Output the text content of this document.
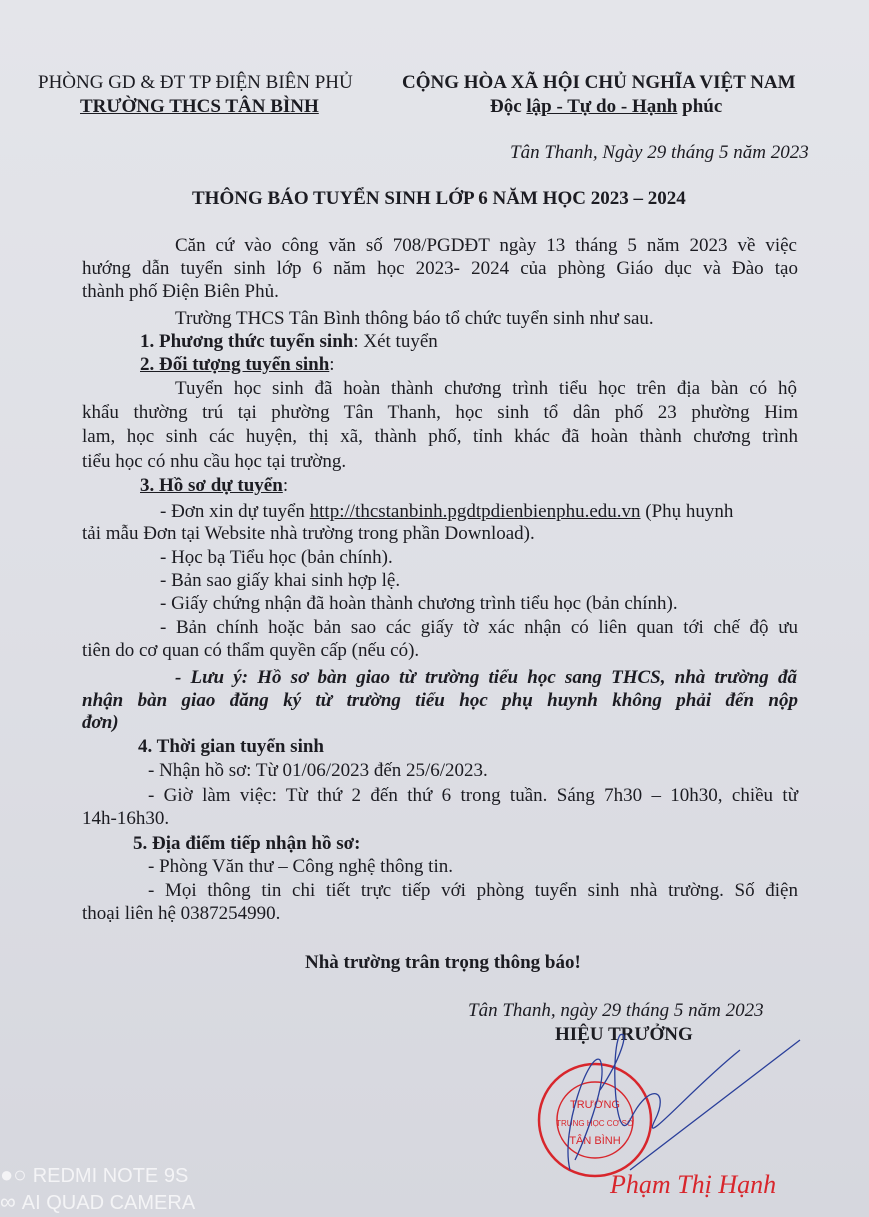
PHÒNG GD & ĐT TP ĐIỆN BIÊN PHỦ
TRƯỜNG THCS TÂN BÌNH
CỘNG HÒA XÃ HỘI CHỦ NGHĨA VIỆT NAM
Độc lập - Tự do - Hạnh phúc
Tân Thanh, Ngày 29 tháng 5 năm 2023
THÔNG BÁO TUYỂN SINH LỚP 6 NĂM HỌC 2023 – 2024
Căn cứ vào công văn số 708/PGDĐT ngày 13 tháng 5 năm 2023 về việc
hướng dẫn tuyển sinh lớp 6 năm học 2023- 2024 của phòng Giáo dục và Đào tạo
thành phố Điện Biên Phủ.
Trường THCS Tân Bình thông báo tổ chức tuyển sinh như sau.
1. Phương thức tuyển sinh: Xét tuyển
2. Đối tượng tuyển sinh:
Tuyển học sinh đã hoàn thành chương trình tiểu học trên địa bàn có hộ
khẩu thường trú tại phường Tân Thanh, học sinh tổ dân phố 23 phường Him
lam, học sinh các huyện, thị xã, thành phố, tỉnh khác đã hoàn thành chương trình
tiểu học có nhu cầu học tại trường.
3. Hồ sơ dự tuyển:
- Đơn xin dự tuyển http://thcstanbinh.pgdtpdienbienphu.edu.vn (Phụ huynh
tải mẫu Đơn tại Website nhà trường trong phần Download).
- Học bạ Tiểu học (bản chính).
- Bản sao giấy khai sinh hợp lệ.
- Giấy chứng nhận đã hoàn thành chương trình tiểu học (bản chính).
- Bản chính hoặc bản sao các giấy tờ xác nhận có liên quan tới chế độ ưu
tiên do cơ quan có thẩm quyền cấp (nếu có).
- Lưu ý: Hồ sơ bàn giao từ trường tiểu học sang THCS, nhà trường đã
nhận bàn giao đăng ký từ trường tiểu học phụ huynh không phải đến nộp
đơn)
4. Thời gian tuyển sinh
- Nhận hồ sơ: Từ 01/06/2023 đến 25/6/2023.
- Giờ làm việc: Từ thứ 2 đến thứ 6 trong tuần. Sáng 7h30 – 10h30, chiều từ
14h-16h30.
5. Địa điểm tiếp nhận hồ sơ:
- Phòng Văn thư – Công nghệ thông tin.
- Mọi thông tin chi tiết trực tiếp với phòng tuyển sinh nhà trường. Số điện
thoại liên hệ 0387254990.
Nhà trường trân trọng thông báo!
Tân Thanh, ngày 29 tháng 5 năm 2023
HIỆU TRƯỞNG
TRƯỜNG
TRUNG HỌC CƠ SỞ
TÂN BÌNH
Phạm Thị Hạnh
●○ REDMI NOTE 9S
∞ AI QUAD CAMERA
